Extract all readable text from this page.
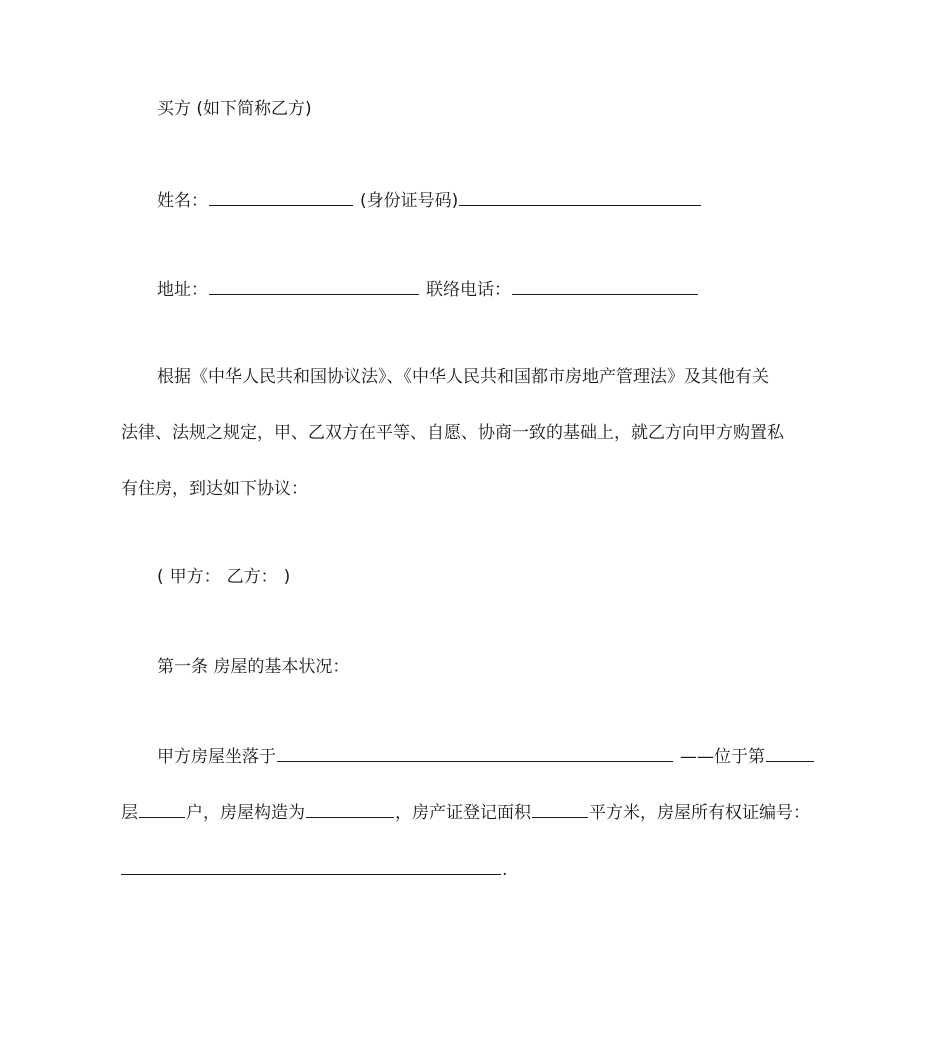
买方 (如下简称乙方)
姓名：	(身份证号码)
地址：	联络电话：
根据《中华人民共和国协议法》、《中华人民共和国都市房地产管理法》及其他有关
法律、法规之规定，甲、乙双方在平等、自愿、协商一致的基础上，就乙方向甲方购置私
有住房，到达如下协议：
( 甲方： 乙方： )
第一条 房屋的基本状况：
甲方房屋坐落于	——位于第
层	户，房屋构造为	，房产证登记面积	平方米，房屋所有权证编号：
.
